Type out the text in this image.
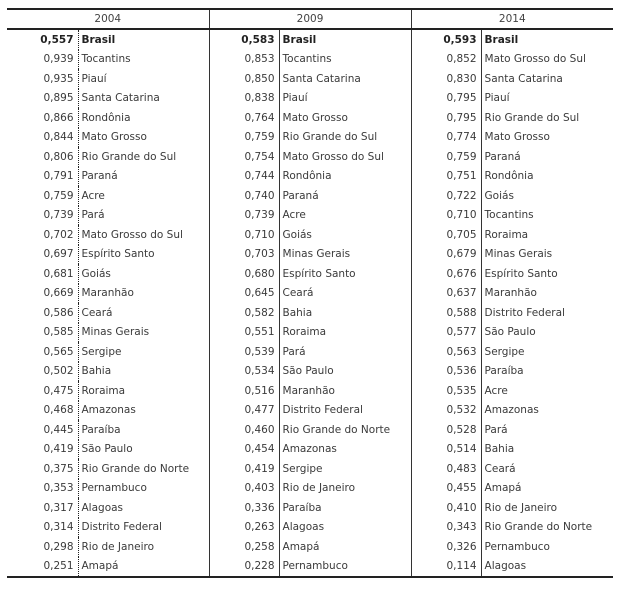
2004		2009		2014	
0,557	Brasil	0,583	Brasil	0,593	Brasil
0,939	Tocantins	0,853	Tocantins	0,852	Mato Grosso do Sul
0,935	Piauí	0,850	Santa Catarina	0,830	Santa Catarina
0,895	Santa Catarina	0,838	Piauí	0,795	Piauí
0,866	Rondônia	0,764	Mato Grosso	0,795	Rio Grande do Sul
0,844	Mato Grosso	0,759	Rio Grande do Sul	0,774	Mato Grosso
0,806	Rio Grande do Sul	0,754	Mato Grosso do Sul	0,759	Paraná
0,791	Paraná	0,744	Rondônia	0,751	Rondônia
0,759	Acre	0,740	Paraná	0,722	Goiás
0,739	Pará	0,739	Acre	0,710	Tocantins
0,702	Mato Grosso do Sul	0,710	Goiás	0,705	Roraima
0,697	Espírito Santo	0,703	Minas Gerais	0,679	Minas Gerais
0,681	Goiás	0,680	Espírito Santo	0,676	Espírito Santo
0,669	Maranhão	0,645	Ceará	0,637	Maranhão
0,586	Ceará	0,582	Bahia	0,588	Distrito Federal
0,585	Minas Gerais	0,551	Roraima	0,577	São Paulo
0,565	Sergipe	0,539	Pará	0,563	Sergipe
0,502	Bahia	0,534	São Paulo	0,536	Paraíba
0,475	Roraima	0,516	Maranhão	0,535	Acre
0,468	Amazonas	0,477	Distrito Federal	0,532	Amazonas
0,445	Paraíba	0,460	Rio Grande do Norte	0,528	Pará
0,419	São Paulo	0,454	Amazonas	0,514	Bahia
0,375	Rio Grande do Norte	0,419	Sergipe	0,483	Ceará
0,353	Pernambuco	0,403	Rio de Janeiro	0,455	Amapá
0,317	Alagoas	0,336	Paraíba	0,410	Rio de Janeiro
0,314	Distrito Federal	0,263	Alagoas	0,343	Rio Grande do Norte
0,298	Rio de Janeiro	0,258	Amapá	0,326	Pernambuco
0,251	Amapá	0,228	Pernambuco	0,114	Alagoas
